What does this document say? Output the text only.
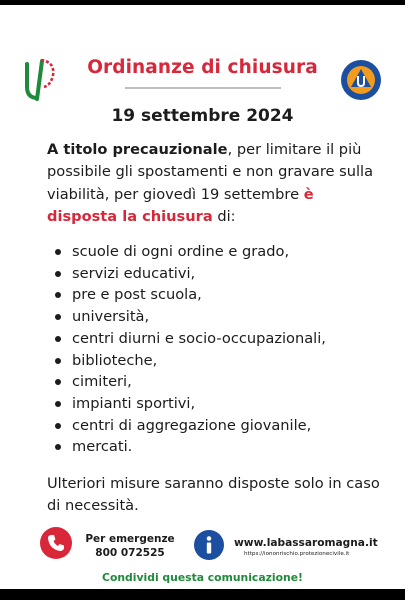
Ordinanze di chiusura
19 settembre 2024

A titolo precauzionale, per limitare il più possibile gli spostamenti e non gravare sulla viabilità, per giovedì 19 settembre è disposta la chiusura di:

scuole di ogni ordine e grado,
servizi educativi,
pre e post scuola,
università,
centri diurni e socio-occupazionali,
biblioteche,
cimiteri,
impianti sportivi,
centri di aggregazione giovanile,
mercati.

Ulteriori misure saranno disposte solo in caso di necessità.

Per emergenze
800 072525
www.labassaromagna.it
https://iononrischio.protezionecivile.it
Condividi questa comunicazione!
